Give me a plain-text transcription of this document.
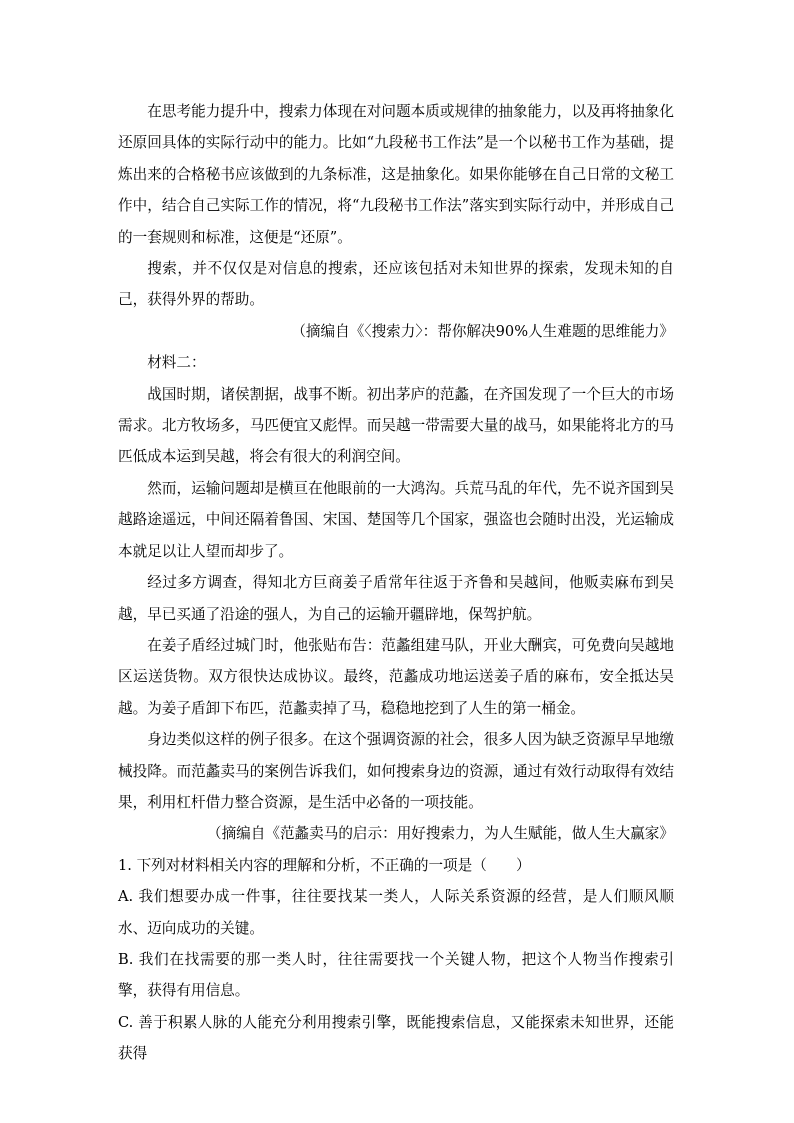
在思考能力提升中，搜索力体现在对问题本质或规律的抽象能力，以及再将抽象化还原回具体的实际行动中的能力。比如“九段秘书工作法”是一个以秘书工作为基础，提炼出来的合格秘书应该做到的九条标准，这是抽象化。如果你能够在自己日常的文秘工作中，结合自己实际工作的情况，将“九段秘书工作法”落实到实际行动中，并形成自己的一套规则和标准，这便是“还原”。

搜索，并不仅仅是对信息的搜索，还应该包括对未知世界的探索，发现未知的自己，获得外界的帮助。

（摘编自《〈搜索力〉：帮你解决90%人生难题的思维能力》

材料二：

战国时期，诸侯割据，战事不断。初出茅庐的范蠡，在齐国发现了一个巨大的市场需求。北方牧场多，马匹便宜又彪悍。而吴越一带需要大量的战马，如果能将北方的马匹低成本运到吴越，将会有很大的利润空间。

然而，运输问题却是横亘在他眼前的一大鸿沟。兵荒马乱的年代，先不说齐国到吴越路途遥远，中间还隔着鲁国、宋国、楚国等几个国家，强盗也会随时出没，光运输成本就足以让人望而却步了。

经过多方调查，得知北方巨商姜子盾常年往返于齐鲁和吴越间，他贩卖麻布到吴越，早已买通了沿途的强人，为自己的运输开疆辟地，保驾护航。

在姜子盾经过城门时，他张贴布告：范蠡组建马队，开业大酬宾，可免费向吴越地区运送货物。双方很快达成协议。最终，范蠡成功地运送姜子盾的麻布，安全抵达吴越。为姜子盾卸下布匹，范蠡卖掉了马，稳稳地挖到了人生的第一桶金。

身边类似这样的例子很多。在这个强调资源的社会，很多人因为缺乏资源早早地缴械投降。而范蠡卖马的案例告诉我们，如何搜索身边的资源，通过有效行动取得有效结果，利用杠杆借力整合资源，是生活中必备的一项技能。

（摘编自《范蠡卖马的启示：用好搜索力，为人生赋能，做人生大赢家》

1. 下列对材料相关内容的理解和分析，不正确的一项是（　　）

A. 我们想要办成一件事，往往要找某一类人，人际关系资源的经营，是人们顺风顺水、迈向成功的关键。

B. 我们在找需要的那一类人时，往往需要找一个关键人物，把这个人物当作搜索引擎，获得有用信息。

C. 善于积累人脉的人能充分利用搜索引擎，既能搜索信息，又能探索未知世界，还能获得
